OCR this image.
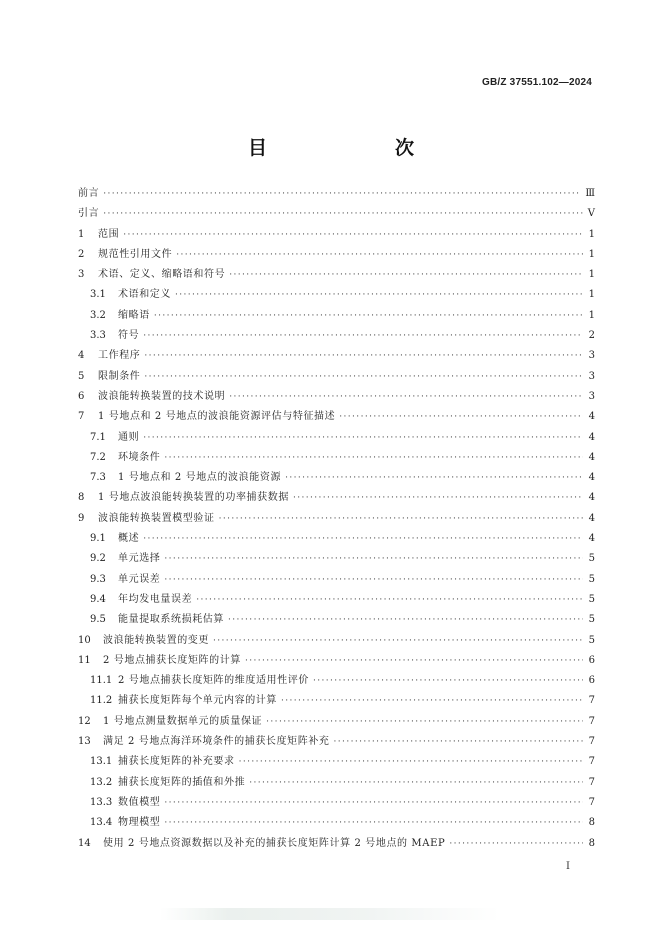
GB/Z 37551.102—2024
目　　次
前言 ·····	Ⅲ
引言 ·····	Ⅴ
1	范围 ·····	1
2	规范性引用文件 ·····	1
3	术语、定义、缩略语和符号 ·····	1
3.1	术语和定义 ·····	1
3.2	缩略语 ·····	1
3.3	符号 ·····	2
4	工作程序 ·····	3
5	限制条件 ·····	3
6	波浪能转换装置的技术说明 ·····	3
7	1 号地点和 2 号地点的波浪能资源评估与特征描述 ·····	4
7.1	通则 ·····	4
7.2	环境条件 ·····	4
7.3	1 号地点和 2 号地点的波浪能资源 ·····	4
8	1 号地点波浪能转换装置的功率捕获数据 ·····	4
9	波浪能转换装置模型验证 ·····	4
9.1	概述 ·····	4
9.2	单元选择 ·····	5
9.3	单元误差 ·····	5
9.4	年均发电量误差 ·····	5
9.5	能量提取系统损耗估算 ·····	5
10	波浪能转换装置的变更 ·····	5
11	2 号地点捕获长度矩阵的计算 ·····	6
11.1 2 号地点捕获长度矩阵的维度适用性评价 ·····	6
11.2 捕获长度矩阵每个单元内容的计算 ·····	7
12	1 号地点测量数据单元的质量保证 ·····	7
13	满足 2 号地点海洋环境条件的捕获长度矩阵补充 ·····	7
13.1 捕获长度矩阵的补充要求 ·····	7
13.2 捕获长度矩阵的插值和外推 ·····	7
13.3 数值模型 ·····	7
13.4 物理模型 ·····	8
14	使用 2 号地点资源数据以及补充的捕获长度矩阵计算 2 号地点的 MAEP ·····	8
Ⅰ
